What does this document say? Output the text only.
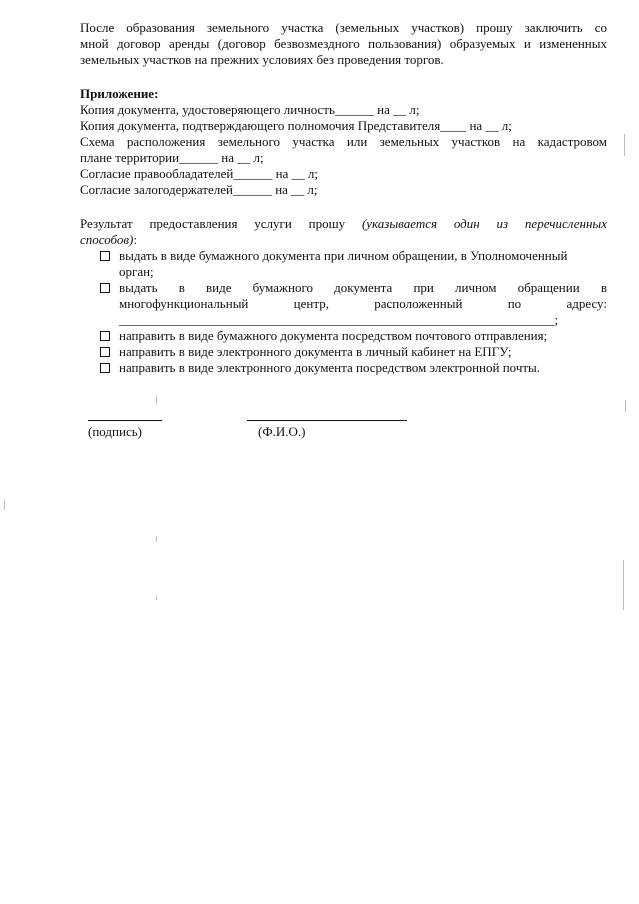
После образования земельного участка (земельных участков) прошу заключить со
мной договор аренды (договор безвозмездного пользования) образуемых и измененных
земельных участков на прежних условиях без проведения торгов.
Приложение:
Копия документа, удостоверяющего личность______ на __ л;
Копия документа, подтверждающего полномочия Представителя____ на __ л;
Схема расположения земельного участка или земельных участков на кадастровом
плане территории______ на __ л;
Согласие правообладателей______ на __ л;
Согласие залогодержателей______ на __ л;
Результат предоставления услуги прошу (указывается один из перечисленных
способов):
выдать в виде бумажного документа при личном обращении, в Уполномоченный
орган;
выдать в виде бумажного документа при личном обращении в
многофункциональный центр, расположенный по адресу:
___________________________________________________________________;
направить в виде бумажного документа посредством почтового отправления;
направить в виде электронного документа в личный кабинет на ЕПГУ;
направить в виде электронного документа посредством электронной почты.
(подпись)	(Ф.И.О.)
